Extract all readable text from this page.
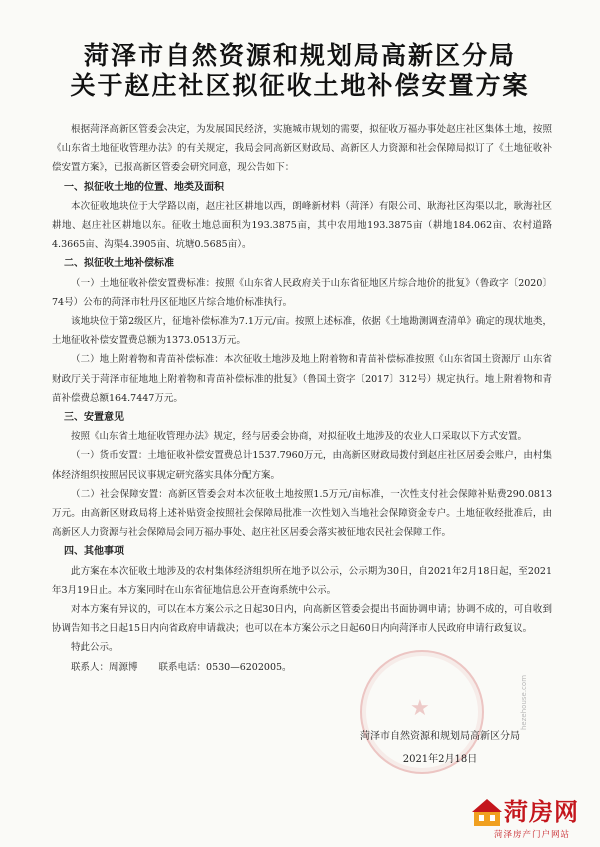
菏泽市自然资源和规划局高新区分局
关于赵庄社区拟征收土地补偿安置方案

根据菏泽高新区管委会决定，为发展国民经济，实施城市规划的需要，拟征收万福办事处赵庄社区集体土地，按照《山东省土地征收管理办法》的有关规定，我局会同高新区财政局、高新区人力资源和社会保障局拟订了《土地征收补偿安置方案》，已报高新区管委会研究同意，现公告如下：

一、拟征收土地的位置、地类及面积

本次征收地块位于大学路以南，赵庄社区耕地以西，朗峰新材料（菏泽）有限公司、耿海社区沟渠以北，耿海社区耕地、赵庄社区耕地以东。征收土地总面积为193.3875亩，其中农用地193.3875亩（耕地184.062亩、农村道路4.3665亩、沟渠4.3905亩、坑塘0.5685亩）。

二、拟征收土地补偿标准

（一）土地征收补偿安置费标准：按照《山东省人民政府关于山东省征地区片综合地价的批复》（鲁政字〔2020〕74号）公布的菏泽市牡丹区征地区片综合地价标准执行。

该地块位于第2级区片，征地补偿标准为7.1万元/亩。按照上述标准，依据《土地勘测调查清单》确定的现状地类，土地征收补偿安置费总额为1373.0513万元。

（二）地上附着物和青苗补偿标准：本次征收土地涉及地上附着物和青苗补偿标准按照《山东省国土资源厅 山东省财政厅关于菏泽市征地地上附着物和青苗补偿标准的批复》（鲁国土资字〔2017〕312号）规定执行。地上附着物和青苗补偿费总额164.7447万元。

三、安置意见

按照《山东省土地征收管理办法》规定，经与居委会协商，对拟征收土地涉及的农业人口采取以下方式安置。

（一）货币安置：土地征收补偿安置费总计1537.7960万元，由高新区财政局拨付到赵庄社区居委会账户，由村集体经济组织按照居民议事规定研究落实具体分配方案。

（二）社会保障安置：高新区管委会对本次征收土地按照1.5万元/亩标准，一次性支付社会保障补贴费290.0813万元。由高新区财政局将上述补贴资金按照社会保障局批准一次性划入当地社会保障资金专户。土地征收经批准后，由高新区人力资源与社会保障局会同万福办事处、赵庄社区居委会落实被征地农民社会保障工作。

四、其他事项

此方案在本次征收土地涉及的农村集体经济组织所在地予以公示，公示期为30日，自2021年2月18日起，至2021年3月19日止。本方案同时在山东省征地信息公开查询系统中公示。

对本方案有异议的，可以在本方案公示之日起30日内，向高新区管委会提出书面协调申请；协调不成的，可自收到协调告知书之日起15日内向省政府申请裁决；也可以在本方案公示之日起60日内向菏泽市人民政府申请行政复议。

特此公示。

联系人：周源博 联系电话：0530—6202005。

★
菏泽市自然资源和规划局高新区分局
2021年2月18日
hezehouse.com
菏房网
菏泽房产门户网站
